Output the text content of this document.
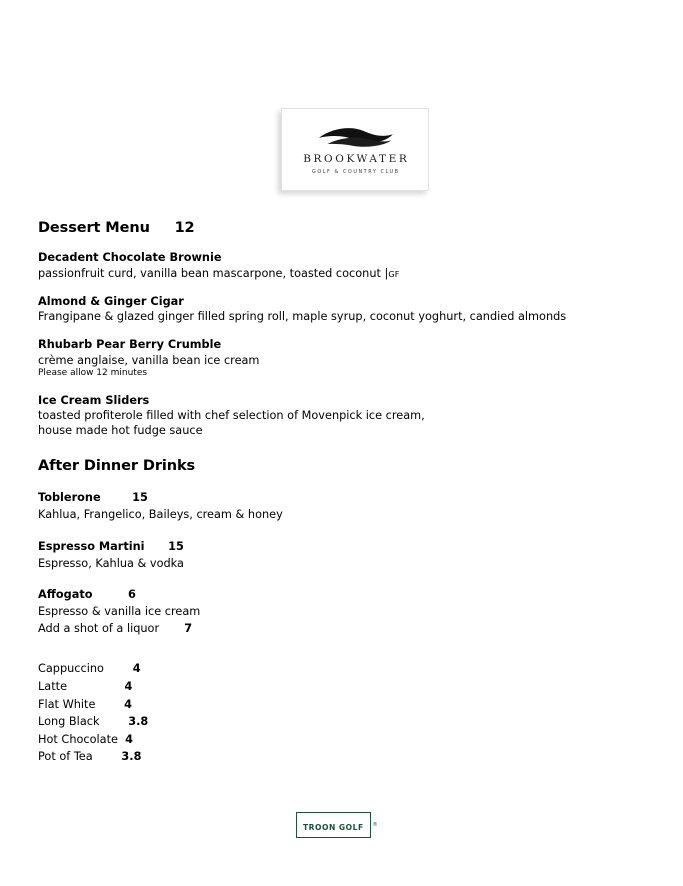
BROOKWATER
GOLF & COUNTRY CLUB
Dessert Menu 12
Decadent Chocolate Brownie
passionfruit curd, vanilla bean mascarpone, toasted coconut |GF
Almond & Ginger Cigar
Frangipane & glazed ginger filled spring roll, maple syrup, coconut yoghurt, candied almonds
Rhubarb Pear Berry Crumble
crème anglaise, vanilla bean ice cream
Please allow 12 minutes
Ice Cream Sliders
toasted profiterole filled with chef selection of Movenpick ice cream,
house made hot fudge sauce
After Dinner Drinks
Toblerone	15
Kahlua, Frangelico, Baileys, cream & honey
Espresso Martini 15
Espresso, Kahlua & vodka
Affogato	6
Espresso & vanilla ice cream
Add a shot of a liquor 7
Cappuccino	4
Latte	4
Flat White	4
Long Black	3.8
Hot Chocolate 4
Pot of Tea	3.8
TROON GOLF	®
